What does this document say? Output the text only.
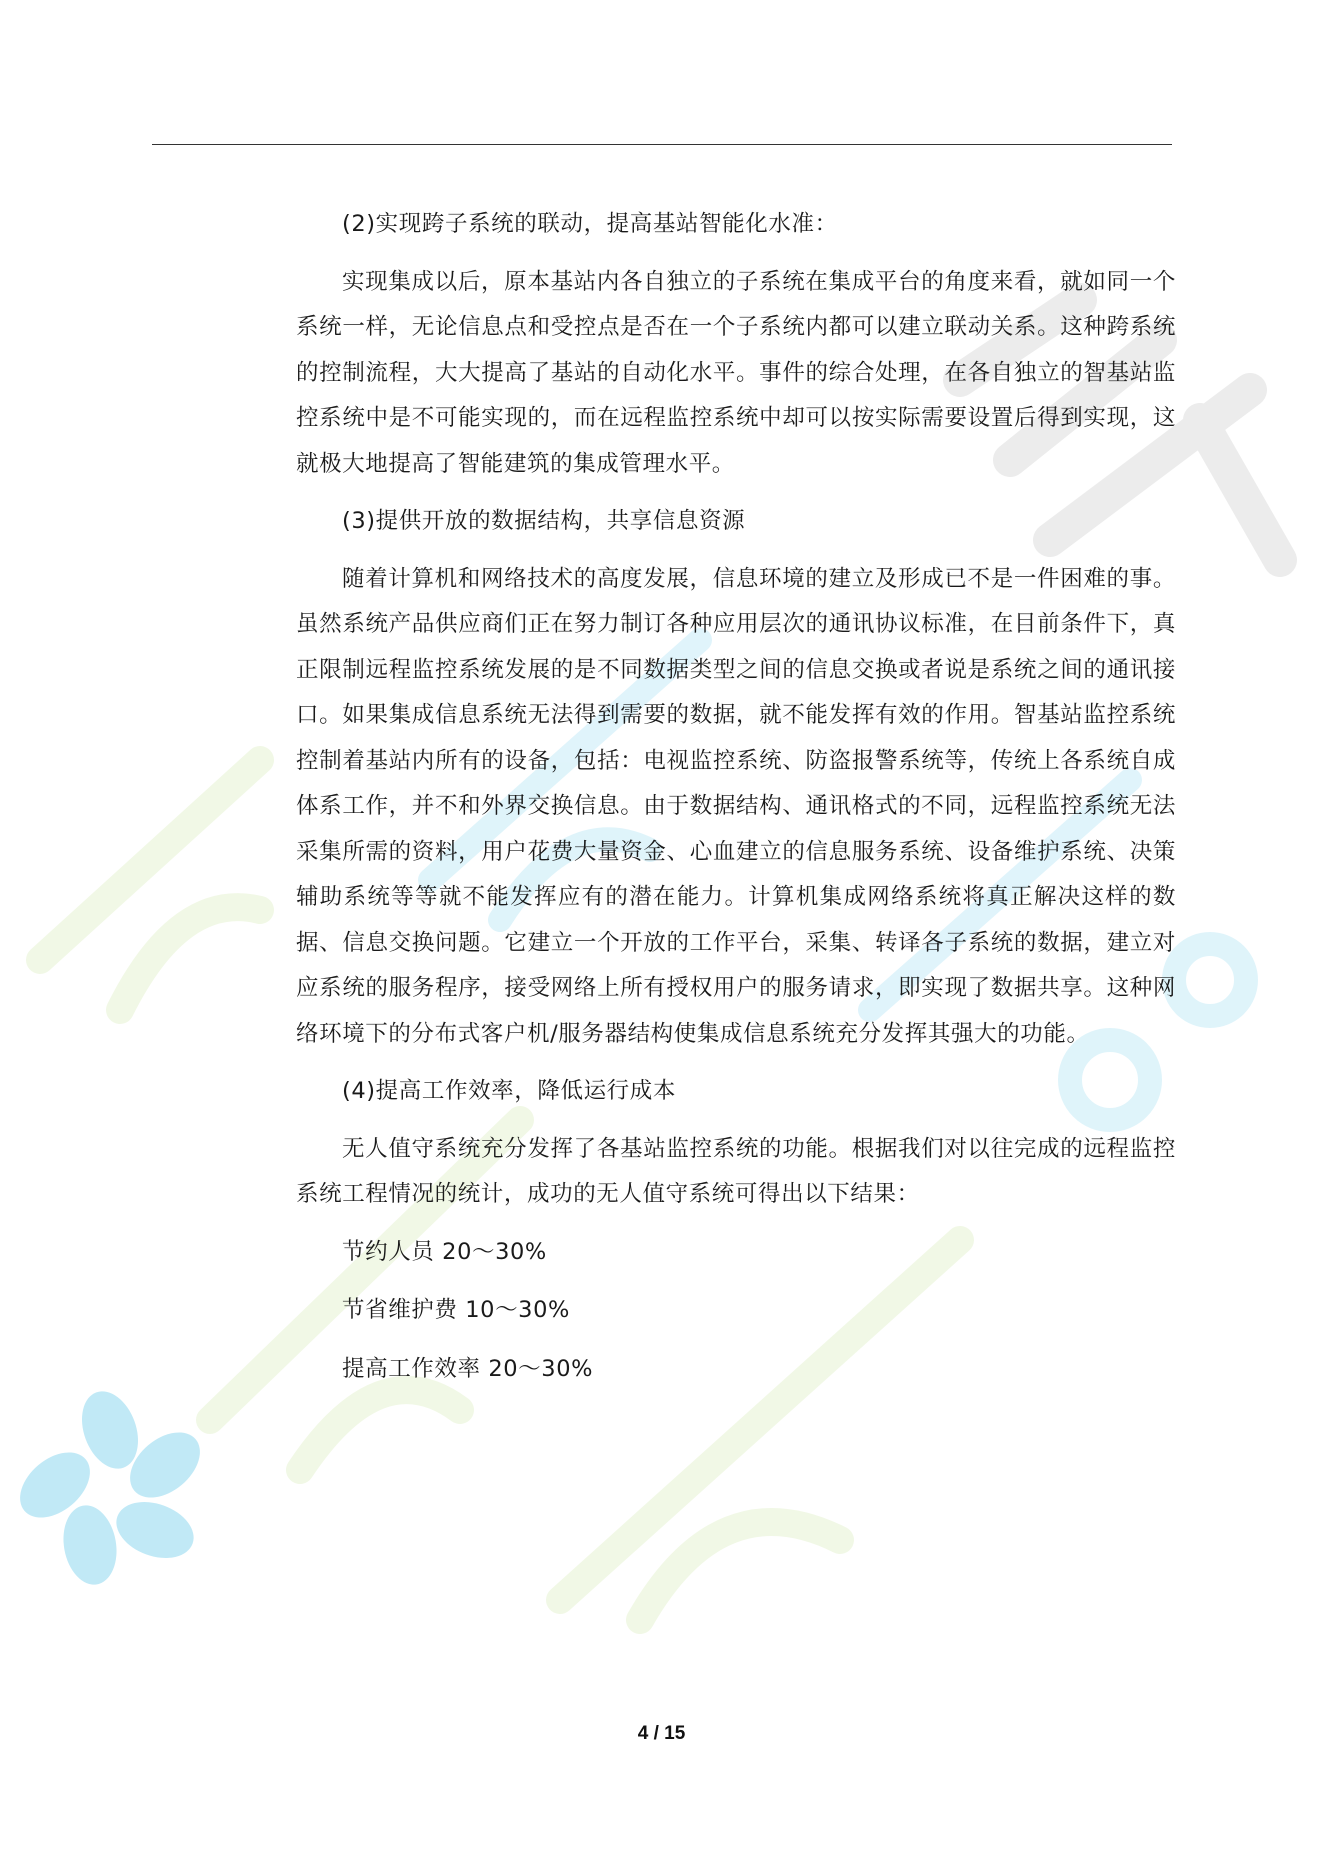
(2)实现跨子系统的联动，提高基站智能化水准：

实现集成以后，原本基站内各自独立的子系统在集成平台的角度来看，就如同一个系统一样，无论信息点和受控点是否在一个子系统内都可以建立联动关系。这种跨系统的控制流程，大大提高了基站的自动化水平。事件的综合处理，在各自独立的智基站监控系统中是不可能实现的，而在远程监控系统中却可以按实际需要设置后得到实现，这就极大地提高了智能建筑的集成管理水平。

(3)提供开放的数据结构，共享信息资源

随着计算机和网络技术的高度发展，信息环境的建立及形成已不是一件困难的事。虽然系统产品供应商们正在努力制订各种应用层次的通讯协议标准，在目前条件下，真正限制远程监控系统发展的是不同数据类型之间的信息交换或者说是系统之间的通讯接口。如果集成信息系统无法得到需要的数据，就不能发挥有效的作用。智基站监控系统控制着基站内所有的设备，包括：电视监控系统、防盗报警系统等，传统上各系统自成体系工作，并不和外界交换信息。由于数据结构、通讯格式的不同，远程监控系统无法采集所需的资料，用户花费大量资金、心血建立的信息服务系统、设备维护系统、决策辅助系统等等就不能发挥应有的潜在能力。计算机集成网络系统将真正解决这样的数据、信息交换问题。它建立一个开放的工作平台，采集、转译各子系统的数据，建立对应系统的服务程序，接受网络上所有授权用户的服务请求，即实现了数据共享。这种网络环境下的分布式客户机/服务器结构使集成信息系统充分发挥其强大的功能。

(4)提高工作效率，降低运行成本

无人值守系统充分发挥了各基站监控系统的功能。根据我们对以往完成的远程监控系统工程情况的统计，成功的无人值守系统可得出以下结果：

节约人员 20～30%

节省维护费 10～30%

提高工作效率 20～30%

4 / 15
